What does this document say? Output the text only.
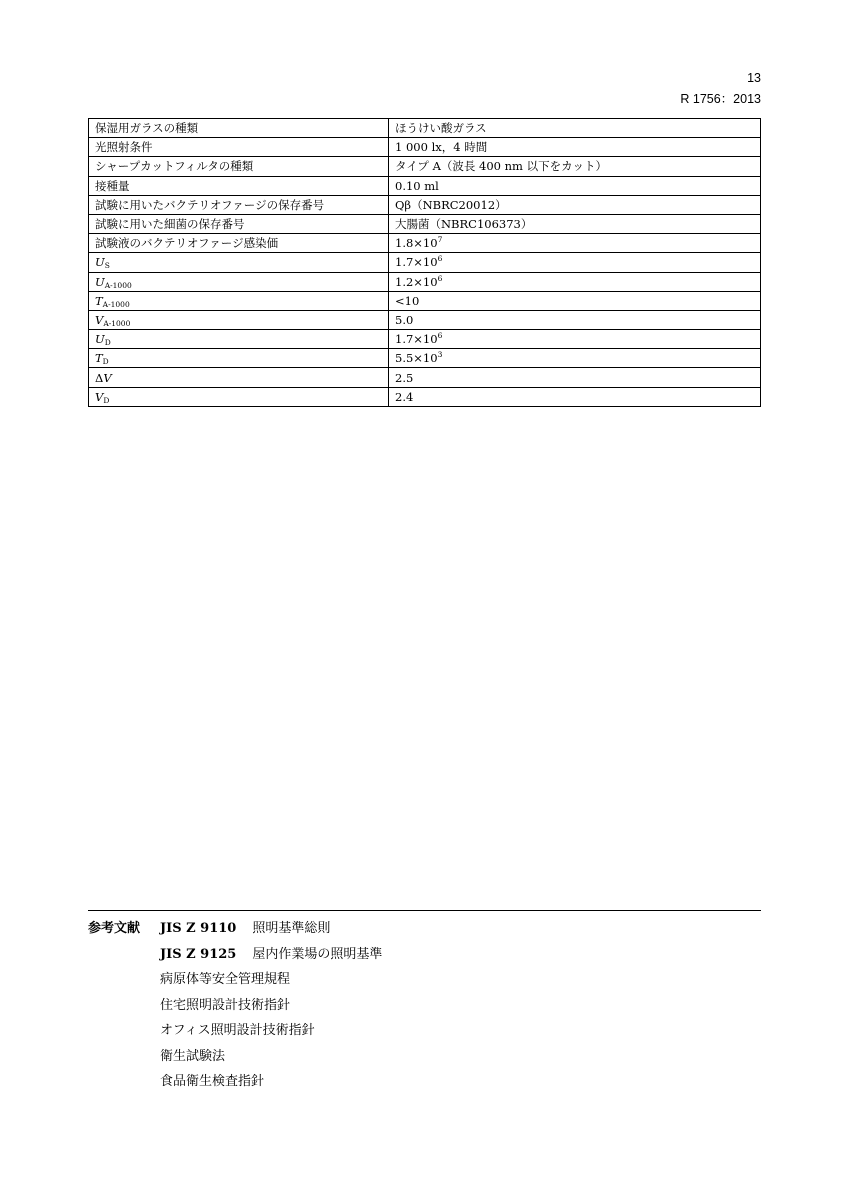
13
R 1756：2013
保湿用ガラスの種類	ほうけい酸ガラス
光照射条件	1 000 lx，4 時間
シャープカットフィルタの種類	タイプ A（波長 400 nm 以下をカット）
接種量	0.10 ml
試験に用いたバクテリオファージの保存番号	Qβ（NBRC20012）
試験に用いた細菌の保存番号	大腸菌（NBRC106373）
試験液のバクテリオファージ感染価	$1.8\times 10^7$
$U_S$	$1.7\times 10^6$
$U_{A-1000}$	$1.2\times 10^6$
$T_{A-1000}$	<10
$V_{A-1000}$	5.0
$U_D$	$1.7\times 10^6$
$T_D$	$5.5\times 10^3$
ΔV	2.5
$V_D$	2.4
参考文献 JIS Z 9110 照明基準総則
JIS Z 9125 屋内作業場の照明基準
病原体等安全管理規程
住宅照明設計技術指針
オフィス照明設計技術指針
衛生試験法
食品衛生検査指針
